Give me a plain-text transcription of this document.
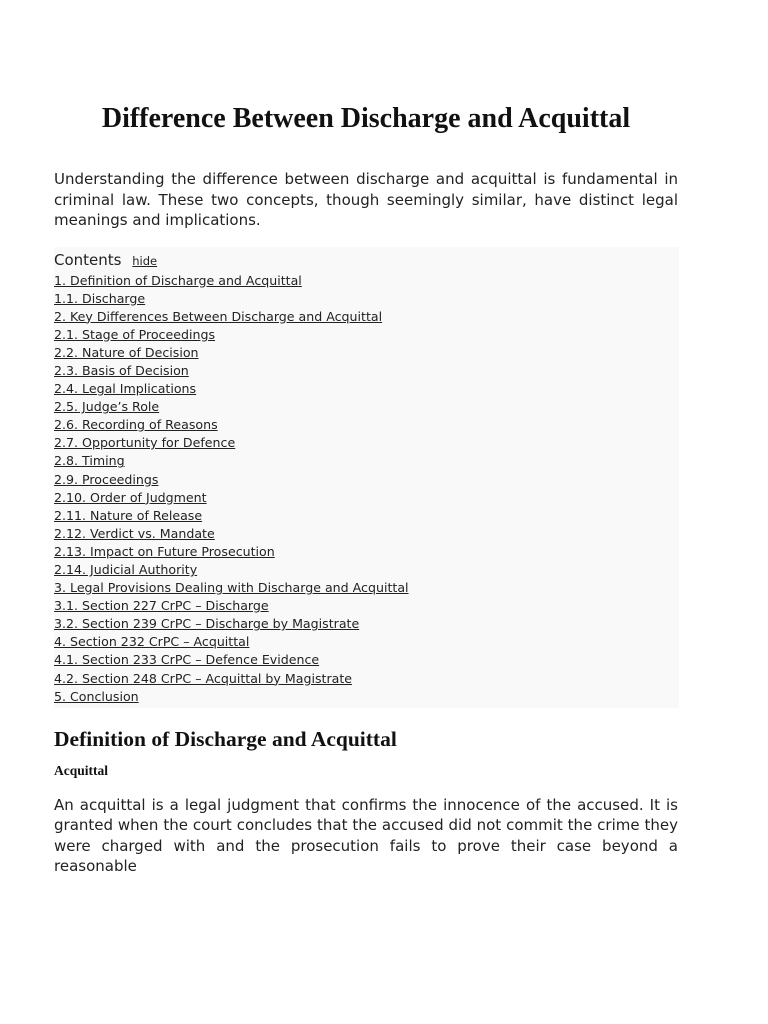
Difference Between Discharge and Acquittal

Understanding the difference between discharge and acquittal is fundamental in criminal law. These two concepts, though seemingly similar, have distinct legal meanings and implications.

Contents hide
1. Definition of Discharge and Acquittal
1.1. Discharge
2. Key Differences Between Discharge and Acquittal
2.1. Stage of Proceedings
2.2. Nature of Decision
2.3. Basis of Decision
2.4. Legal Implications
2.5. Judge’s Role
2.6. Recording of Reasons
2.7. Opportunity for Defence
2.8. Timing
2.9. Proceedings
2.10. Order of Judgment
2.11. Nature of Release
2.12. Verdict vs. Mandate
2.13. Impact on Future Prosecution
2.14. Judicial Authority
3. Legal Provisions Dealing with Discharge and Acquittal
3.1. Section 227 CrPC – Discharge
3.2. Section 239 CrPC – Discharge by Magistrate
4. Section 232 CrPC – Acquittal
4.1. Section 233 CrPC – Defence Evidence
4.2. Section 248 CrPC – Acquittal by Magistrate
5. Conclusion
Definition of Discharge and Acquittal
Acquittal

An acquittal is a legal judgment that confirms the innocence of the accused. It is granted when the court concludes that the accused did not commit the crime they were charged with and the prosecution fails to prove their case beyond a reasonable
